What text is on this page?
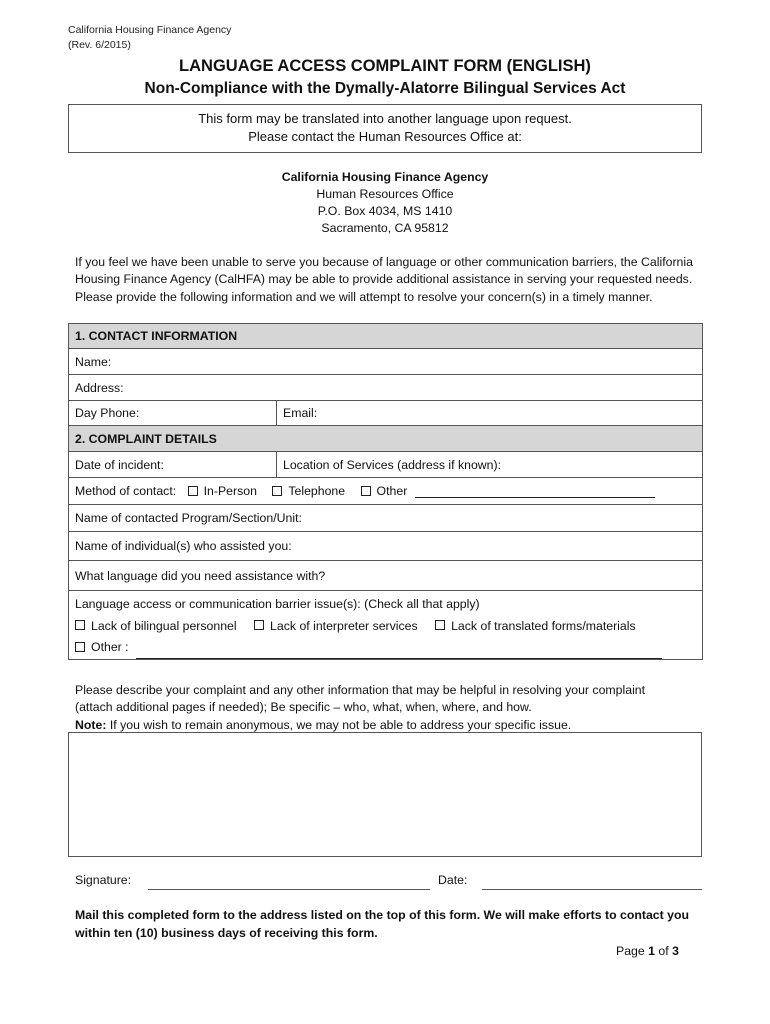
California Housing Finance Agency
(Rev. 6/2015)
LANGUAGE ACCESS COMPLAINT FORM (ENGLISH)
Non-Compliance with the Dymally-Alatorre Bilingual Services Act
This form may be translated into another language upon request.
Please contact the Human Resources Office at:
California Housing Finance Agency
Human Resources Office
P.O. Box 4034, MS 1410
Sacramento, CA 95812
If you feel we have been unable to serve you because of language or other communication barriers, the California Housing Finance Agency (CalHFA) may be able to provide additional assistance in serving your requested needs. Please provide the following information and we will attempt to resolve your concern(s) in a timely manner.
1. CONTACT INFORMATION	
Name:	
Address:	
Day Phone:	Email:
2. COMPLAINT DETAILS	
Date of incident:	Location of Services (address if known):
Method of contact: In-Person Telephone Other	
Name of contacted Program/Section/Unit:	
Name of individual(s) who assisted you:	
What language did you need assistance with?	

Language access or communication barrier issue(s): (Check all that apply)
Lack of bilingual personnel Lack of interpreter services Lack of translated forms/materials
Other :	
Please describe your complaint and any other information that may be helpful in resolving your complaint
(attach additional pages if needed); Be specific – who, what, when, where, and how.
Note: If you wish to remain anonymous, we may not be able to address your specific issue.
Signature:	Date:
Mail this completed form to the address listed on the top of this form. We will make efforts to contact you
within ten (10) business days of receiving this form.
Page 1 of 3
